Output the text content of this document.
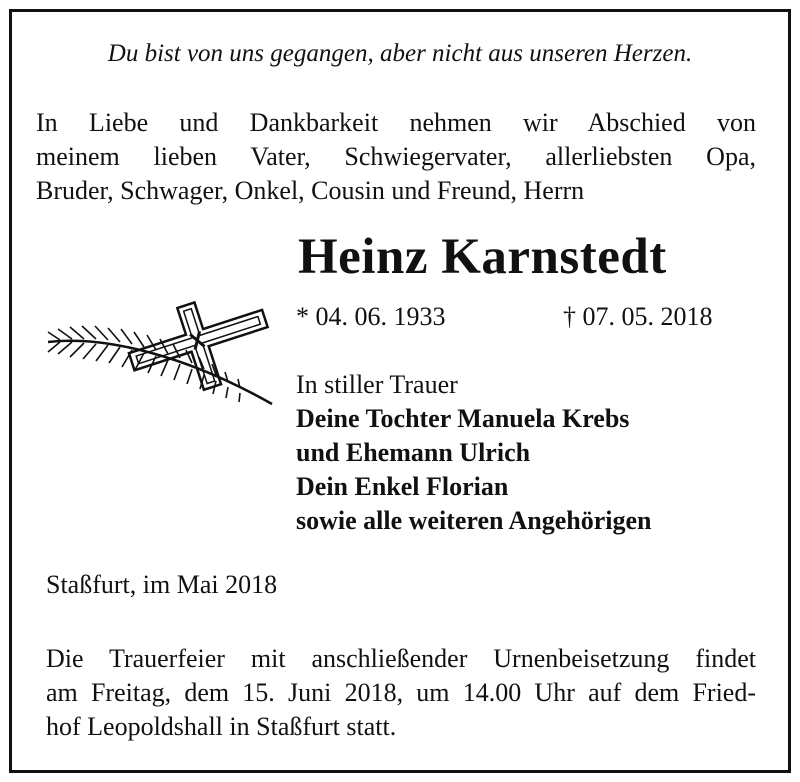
Du bist von uns gegangen, aber nicht aus unseren Herzen.
In Liebe und Dankbarkeit nehmen wir Abschied von
meinem lieben Vater, Schwiegervater, allerliebsten Opa,
Bruder, Schwager, Onkel, Cousin und Freund, Herrn
Heinz Karnstedt
* 04. 06. 1933	† 07. 05. 2018
In stiller Trauer
Deine Tochter Manuela Krebs
und Ehemann Ulrich
Dein Enkel Florian
sowie alle weiteren Angehörigen
Staßfurt, im Mai 2018
Die Trauerfeier mit anschließender Urnenbeisetzung findet
am Freitag, dem 15. Juni 2018, um 14.00 Uhr auf dem Fried-
hof Leopoldshall in Staßfurt statt.
